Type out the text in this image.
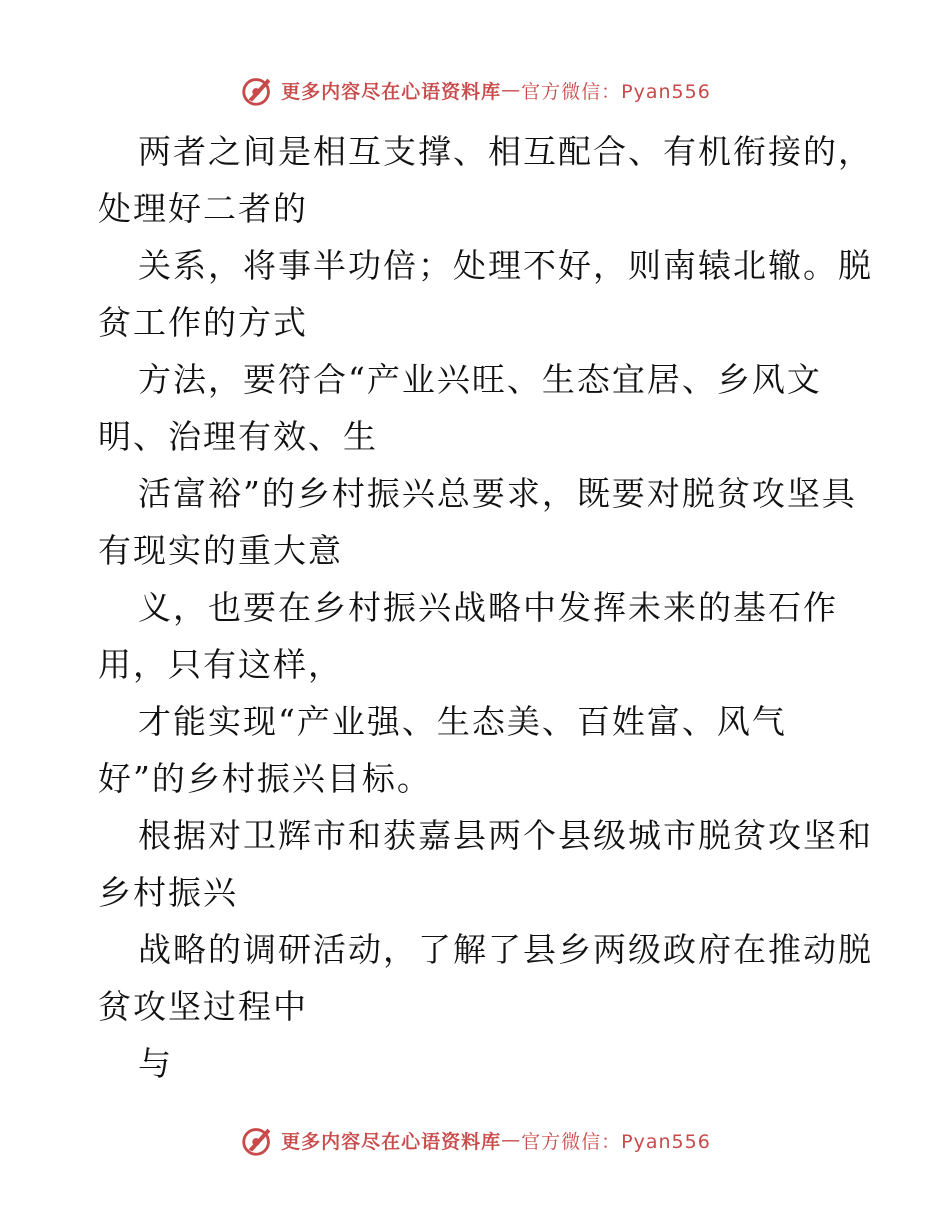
更多内容尽在心语资料库 — 官方微信：Pyan556

两者之间是相互支撑、相互配合、有机衔接的，
处理好二者的

关系，将事半功倍；处理不好，则南辕北辙。脱
贫工作的方式

方法，要符合“产业兴旺、生态宜居、乡风文
明、治理有效、生

活富裕”的乡村振兴总要求，既要对脱贫攻坚具
有现实的重大意

义，也要在乡村振兴战略中发挥未来的基石作
用，只有这样，

才能实现“产业强、生态美、百姓富、风气
好”的乡村振兴目标。

根据对卫辉市和获嘉县两个县级城市脱贫攻坚和
乡村振兴

战略的调研活动，了解了县乡两级政府在推动脱
贫攻坚过程中

与

更多内容尽在心语资料库 — 官方微信：Pyan556
